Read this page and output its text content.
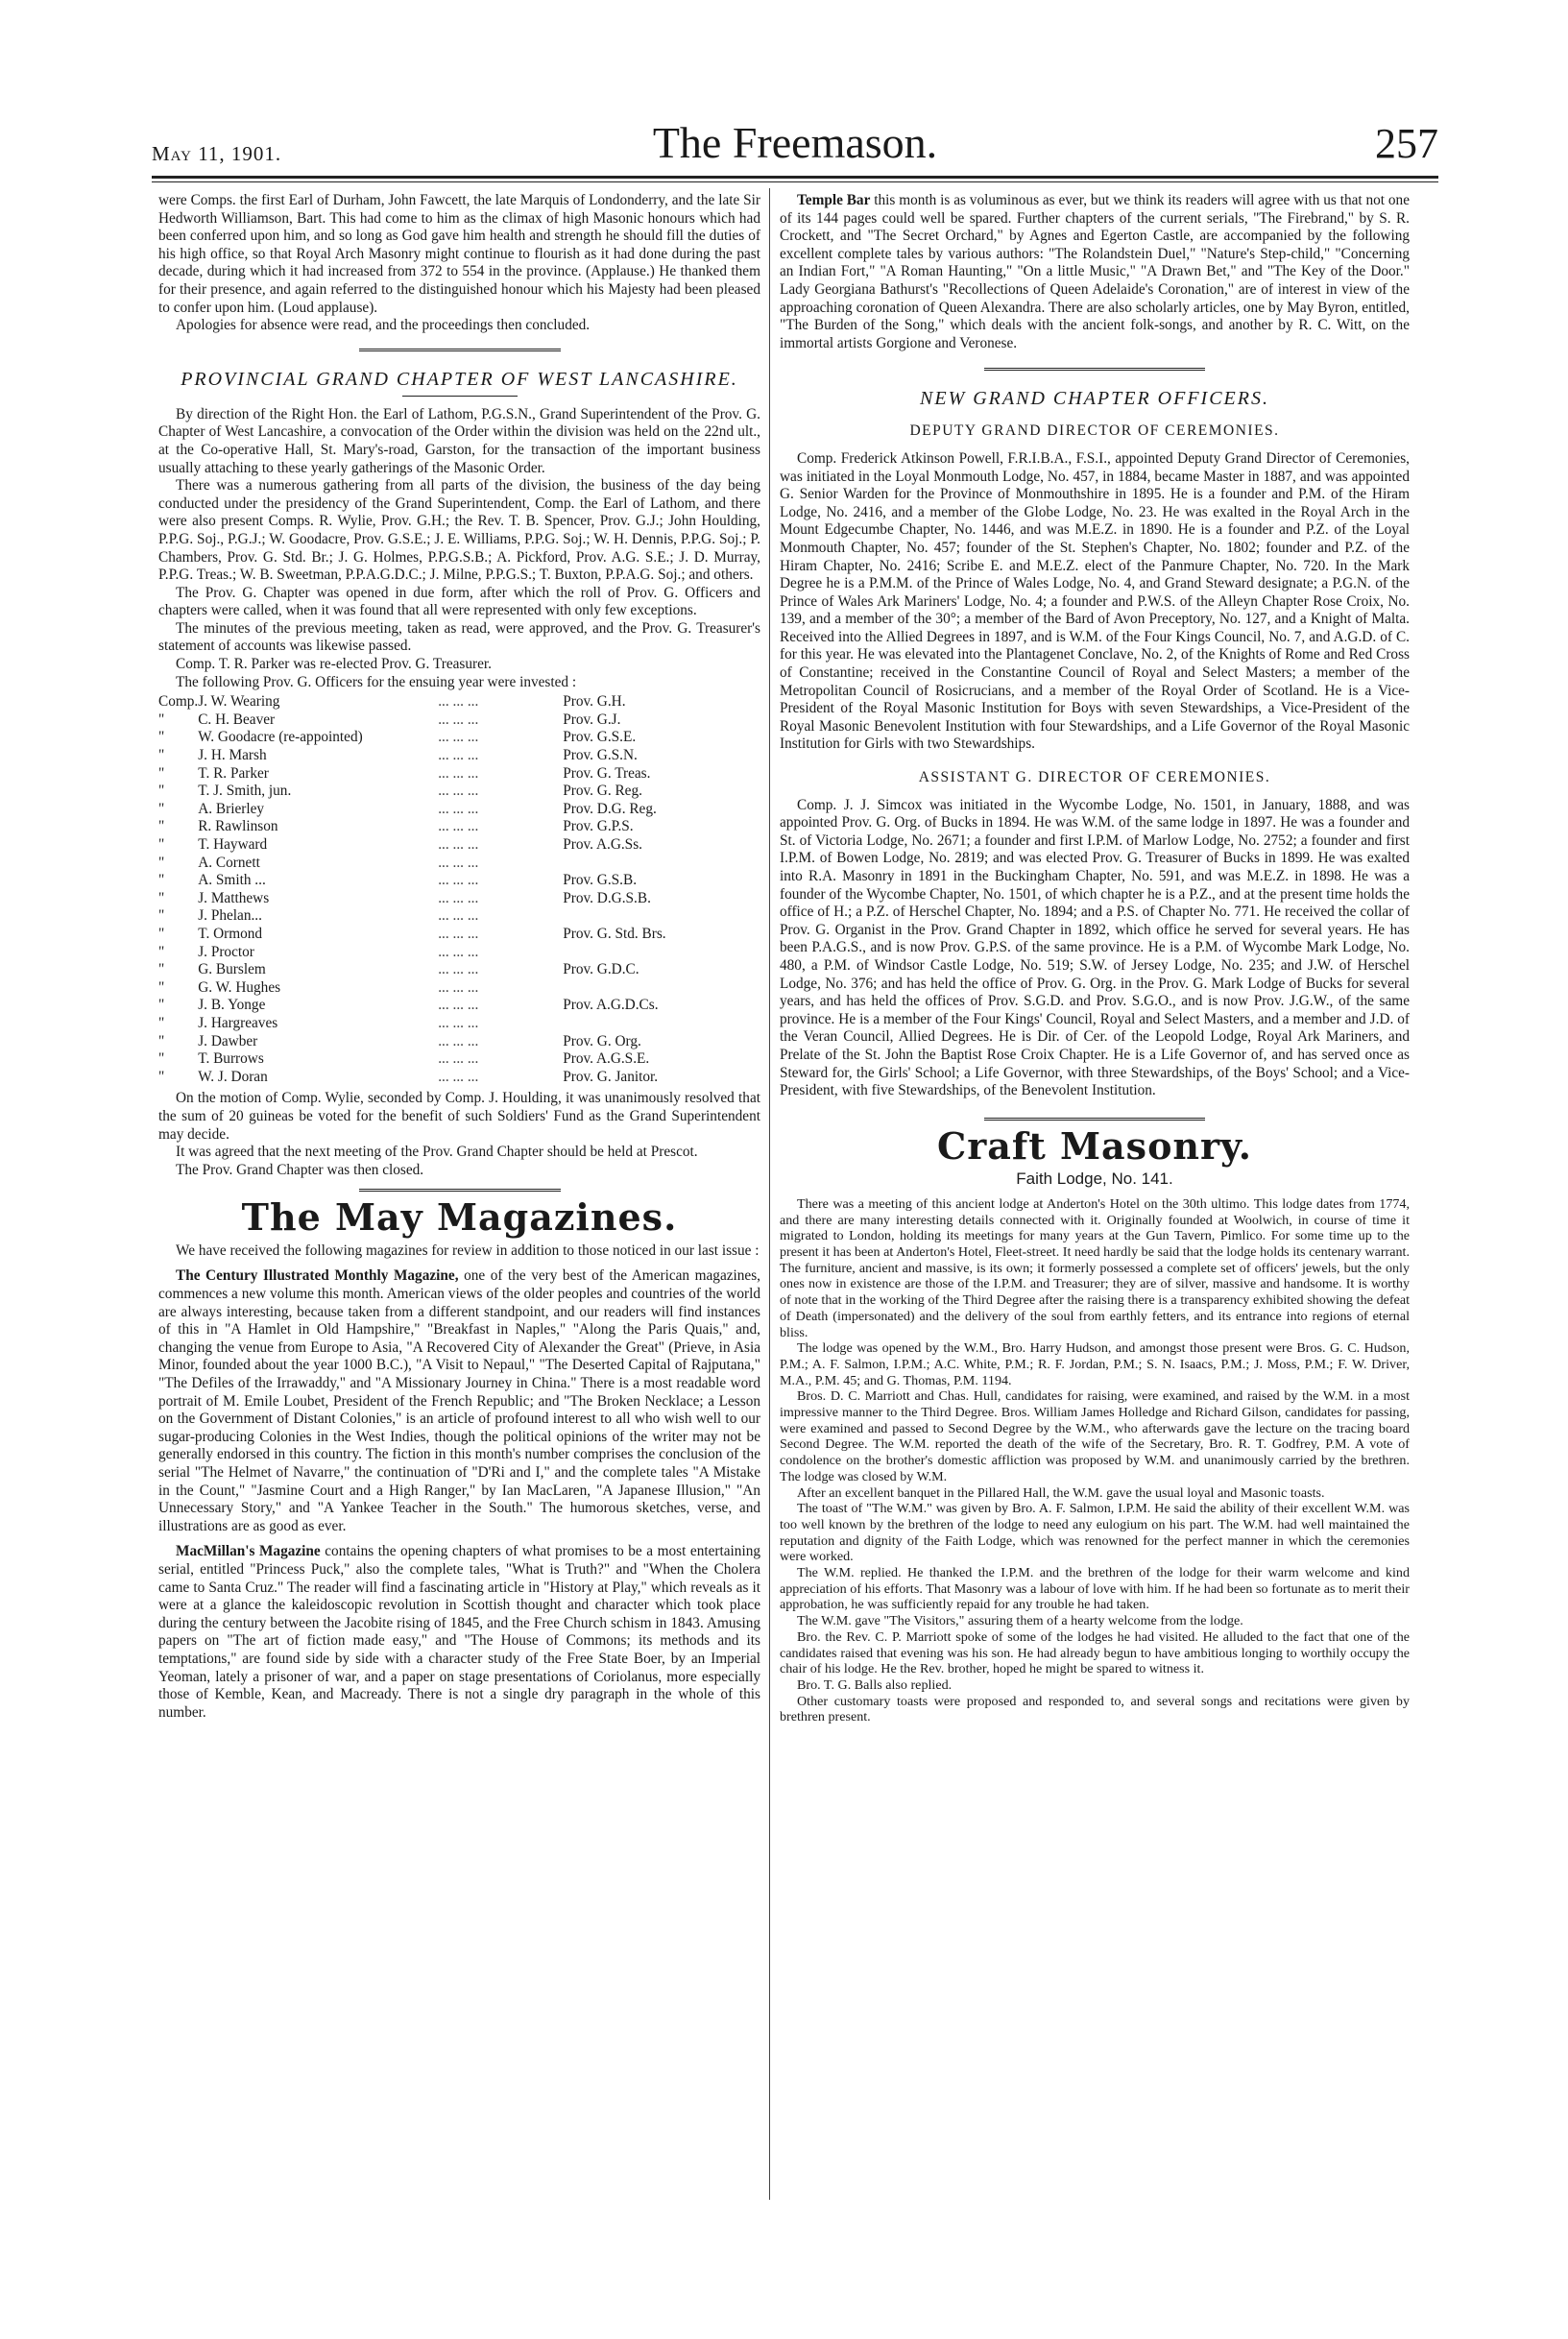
May 11, 1901.	The Freemason.	257

were Comps. the first Earl of Durham, John Fawcett, the late Marquis of Londonderry, and the late Sir Hedworth Williamson, Bart. This had come to him as the climax of high Masonic honours which had been conferred upon him, and so long as God gave him health and strength he should fill the duties of his high office, so that Royal Arch Masonry might continue to flourish as it had done during the past decade, during which it had increased from 372 to 554 in the province. (Applause.) He thanked them for their presence, and again referred to the distinguished honour which his Majesty had been pleased to confer upon him. (Loud applause).

Apologies for absence were read, and the proceedings then concluded.

PROVINCIAL GRAND CHAPTER OF WEST LANCASHIRE.

By direction of the Right Hon. the Earl of Lathom, P.G.S.N., Grand Superintendent of the Prov. G. Chapter of West Lancashire, a convocation of the Order within the division was held on the 22nd ult., at the Co-operative Hall, St. Mary's-road, Garston, for the transaction of the important business usually attaching to these yearly gatherings of the Masonic Order.

There was a numerous gathering from all parts of the division, the business of the day being conducted under the presidency of the Grand Superintendent, Comp. the Earl of Lathom, and there were also present Comps. R. Wylie, Prov. G.H.; the Rev. T. B. Spencer, Prov. G.J.; John Houlding, P.P.G. Soj., P.G.J.; W. Goodacre, Prov. G.S.E.; J. E. Williams, P.P.G. Soj.; W. H. Dennis, P.P.G. Soj.; P. Chambers, Prov. G. Std. Br.; J. G. Holmes, P.P.G.S.B.; A. Pickford, Prov. A.G. S.E.; J. D. Murray, P.P.G. Treas.; W. B. Sweetman, P.P.A.G.D.C.; J. Milne, P.P.G.S.; T. Buxton, P.P.A.G. Soj.; and others.

The Prov. G. Chapter was opened in due form, after which the roll of Prov. G. Officers and chapters were called, when it was found that all were represented with only few exceptions.

The minutes of the previous meeting, taken as read, were approved, and the Prov. G. Treasurer's statement of accounts was likewise passed.

Comp. T. R. Parker was re-elected Prov. G. Treasurer.

The following Prov. G. Officers for the ensuing year were invested :

Comp.	J. W. Wearing	... ... ...	Prov. G.H.
"	C. H. Beaver	... ... ...	Prov. G.J.
"	W. Goodacre (re-appointed)	... ... ...	Prov. G.S.E.
"	J. H. Marsh	... ... ...	Prov. G.S.N.
"	T. R. Parker	... ... ...	Prov. G. Treas.
"	T. J. Smith, jun.	... ... ...	Prov. G. Reg.
"	A. Brierley	... ... ...	Prov. D.G. Reg.
"	R. Rawlinson	... ... ...	Prov. G.P.S.
"	T. Hayward	... ... ...	Prov. A.G.Ss.
"	A. Cornett	... ... ...	
"	A. Smith ...	... ... ...	Prov. G.S.B.
"	J. Matthews	... ... ...	Prov. D.G.S.B.
"	J. Phelan...	... ... ...	
"	T. Ormond	... ... ...	Prov. G. Std. Brs.
"	J. Proctor	... ... ...	
"	G. Burslem	... ... ...	Prov. G.D.C.
"	G. W. Hughes	... ... ...	
"	J. B. Yonge	... ... ...	Prov. A.G.D.Cs.
"	J. Hargreaves	... ... ...	
"	J. Dawber	... ... ...	Prov. G. Org.
"	T. Burrows	... ... ...	Prov. A.G.S.E.
"	W. J. Doran	... ... ...	Prov. G. Janitor.

On the motion of Comp. Wylie, seconded by Comp. J. Houlding, it was unanimously resolved that the sum of 20 guineas be voted for the benefit of such Soldiers' Fund as the Grand Superintendent may decide.

It was agreed that the next meeting of the Prov. Grand Chapter should be held at Prescot.

The Prov. Grand Chapter was then closed.

The May Magazines.

We have received the following magazines for review in addition to those noticed in our last issue :

The Century Illustrated Monthly Magazine, one of the very best of the American magazines, commences a new volume this month. American views of the older peoples and countries of the world are always interesting, because taken from a different standpoint, and our readers will find instances of this in "A Hamlet in Old Hampshire," "Breakfast in Naples," "Along the Paris Quais," and, changing the venue from Europe to Asia, "A Recovered City of Alexander the Great" (Prieve, in Asia Minor, founded about the year 1000 B.C.), "A Visit to Nepaul," "The Deserted Capital of Rajputana," "The Defiles of the Irrawaddy," and "A Missionary Journey in China." There is a most readable word portrait of M. Emile Loubet, President of the French Republic; and "The Broken Necklace; a Lesson on the Government of Distant Colonies," is an article of profound interest to all who wish well to our sugar-producing Colonies in the West Indies, though the political opinions of the writer may not be generally endorsed in this country. The fiction in this month's number comprises the conclusion of the serial "The Helmet of Navarre," the continuation of "D'Ri and I," and the complete tales "A Mistake in the Count," "Jasmine Court and a High Ranger," by Ian MacLaren, "A Japanese Illusion," "An Unnecessary Story," and "A Yankee Teacher in the South." The humorous sketches, verse, and illustrations are as good as ever.

MacMillan's Magazine contains the opening chapters of what promises to be a most entertaining serial, entitled "Princess Puck," also the complete tales, "What is Truth?" and "When the Cholera came to Santa Cruz." The reader will find a fascinating article in "History at Play," which reveals as it were at a glance the kaleidoscopic revolution in Scottish thought and character which took place during the century between the Jacobite rising of 1845, and the Free Church schism in 1843. Amusing papers on "The art of fiction made easy," and "The House of Commons; its methods and its temptations," are found side by side with a character study of the Free State Boer, by an Imperial Yeoman, lately a prisoner of war, and a paper on stage presentations of Coriolanus, more especially those of Kemble, Kean, and Macready. There is not a single dry paragraph in the whole of this number.

Temple Bar this month is as voluminous as ever, but we think its readers will agree with us that not one of its 144 pages could well be spared. Further chapters of the current serials, "The Firebrand," by S. R. Crockett, and "The Secret Orchard," by Agnes and Egerton Castle, are accompanied by the following excellent complete tales by various authors: "The Rolandstein Duel," "Nature's Step-child," "Concerning an Indian Fort," "A Roman Haunting," "On a little Music," "A Drawn Bet," and "The Key of the Door." Lady Georgiana Bathurst's "Recollections of Queen Adelaide's Coronation," are of interest in view of the approaching coronation of Queen Alexandra. There are also scholarly articles, one by May Byron, entitled, "The Burden of the Song," which deals with the ancient folk-songs, and another by R. C. Witt, on the immortal artists Gorgione and Veronese.

NEW GRAND CHAPTER OFFICERS.
DEPUTY GRAND DIRECTOR OF CEREMONIES.

Comp. Frederick Atkinson Powell, F.R.I.B.A., F.S.I., appointed Deputy Grand Director of Ceremonies, was initiated in the Loyal Monmouth Lodge, No. 457, in 1884, became Master in 1887, and was appointed G. Senior Warden for the Province of Monmouthshire in 1895. He is a founder and P.M. of the Hiram Lodge, No. 2416, and a member of the Globe Lodge, No. 23. He was exalted in the Royal Arch in the Mount Edgecumbe Chapter, No. 1446, and was M.E.Z. in 1890. He is a founder and P.Z. of the Loyal Monmouth Chapter, No. 457; founder of the St. Stephen's Chapter, No. 1802; founder and P.Z. of the Hiram Chapter, No. 2416; Scribe E. and M.E.Z. elect of the Panmure Chapter, No. 720. In the Mark Degree he is a P.M.M. of the Prince of Wales Lodge, No. 4, and Grand Steward designate; a P.G.N. of the Prince of Wales Ark Mariners' Lodge, No. 4; a founder and P.W.S. of the Alleyn Chapter Rose Croix, No. 139, and a member of the 30°; a member of the Bard of Avon Preceptory, No. 127, and a Knight of Malta. Received into the Allied Degrees in 1897, and is W.M. of the Four Kings Council, No. 7, and A.G.D. of C. for this year. He was elevated into the Plantagenet Conclave, No. 2, of the Knights of Rome and Red Cross of Constantine; received in the Constantine Council of Royal and Select Masters; a member of the Metropolitan Council of Rosicrucians, and a member of the Royal Order of Scotland. He is a Vice-President of the Royal Masonic Institution for Boys with seven Stewardships, a Vice-President of the Royal Masonic Benevolent Institution with four Stewardships, and a Life Governor of the Royal Masonic Institution for Girls with two Stewardships.

ASSISTANT G. DIRECTOR OF CEREMONIES.

Comp. J. J. Simcox was initiated in the Wycombe Lodge, No. 1501, in January, 1888, and was appointed Prov. G. Org. of Bucks in 1894. He was W.M. of the same lodge in 1897. He was a founder and St. of Victoria Lodge, No. 2671; a founder and first I.P.M. of Marlow Lodge, No. 2752; a founder and first I.P.M. of Bowen Lodge, No. 2819; and was elected Prov. G. Treasurer of Bucks in 1899. He was exalted into R.A. Masonry in 1891 in the Buckingham Chapter, No. 591, and was M.E.Z. in 1898. He was a founder of the Wycombe Chapter, No. 1501, of which chapter he is a P.Z., and at the present time holds the office of H.; a P.Z. of Herschel Chapter, No. 1894; and a P.S. of Chapter No. 771. He received the collar of Prov. G. Organist in the Prov. Grand Chapter in 1892, which office he served for several years. He has been P.A.G.S., and is now Prov. G.P.S. of the same province. He is a P.M. of Wycombe Mark Lodge, No. 480, a P.M. of Windsor Castle Lodge, No. 519; S.W. of Jersey Lodge, No. 235; and J.W. of Herschel Lodge, No. 376; and has held the office of Prov. G. Org. in the Prov. G. Mark Lodge of Bucks for several years, and has held the offices of Prov. S.G.D. and Prov. S.G.O., and is now Prov. J.G.W., of the same province. He is a member of the Four Kings' Council, Royal and Select Masters, and a member and J.D. of the Veran Council, Allied Degrees. He is Dir. of Cer. of the Leopold Lodge, Royal Ark Mariners, and Prelate of the St. John the Baptist Rose Croix Chapter. He is a Life Governor of, and has served once as Steward for, the Girls' School; a Life Governor, with three Stewardships, of the Boys' School; and a Vice-President, with five Stewardships, of the Benevolent Institution.

Craft Masonry.
Faith Lodge, No. 141.

There was a meeting of this ancient lodge at Anderton's Hotel on the 30th ultimo. This lodge dates from 1774, and there are many interesting details connected with it. Originally founded at Woolwich, in course of time it migrated to London, holding its meetings for many years at the Gun Tavern, Pimlico. For some time up to the present it has been at Anderton's Hotel, Fleet-street. It need hardly be said that the lodge holds its centenary warrant. The furniture, ancient and massive, is its own; it formerly possessed a complete set of officers' jewels, but the only ones now in existence are those of the I.P.M. and Treasurer; they are of silver, massive and handsome. It is worthy of note that in the working of the Third Degree after the raising there is a transparency exhibited showing the defeat of Death (impersonated) and the delivery of the soul from earthly fetters, and its entrance into regions of eternal bliss.

The lodge was opened by the W.M., Bro. Harry Hudson, and amongst those present were Bros. G. C. Hudson, P.M.; A. F. Salmon, I.P.M.; A.C. White, P.M.; R. F. Jordan, P.M.; S. N. Isaacs, P.M.; J. Moss, P.M.; F. W. Driver, M.A., P.M. 45; and G. Thomas, P.M. 1194.

Bros. D. C. Marriott and Chas. Hull, candidates for raising, were examined, and raised by the W.M. in a most impressive manner to the Third Degree. Bros. William James Holledge and Richard Gilson, candidates for passing, were examined and passed to Second Degree by the W.M., who afterwards gave the lecture on the tracing board Second Degree. The W.M. reported the death of the wife of the Secretary, Bro. R. T. Godfrey, P.M. A vote of condolence on the brother's domestic affliction was proposed by W.M. and unanimously carried by the brethren. The lodge was closed by W.M.

After an excellent banquet in the Pillared Hall, the W.M. gave the usual loyal and Masonic toasts.

The toast of "The W.M." was given by Bro. A. F. Salmon, I.P.M. He said the ability of their excellent W.M. was too well known by the brethren of the lodge to need any eulogium on his part. The W.M. had well maintained the reputation and dignity of the Faith Lodge, which was renowned for the perfect manner in which the ceremonies were worked.

The W.M. replied. He thanked the I.P.M. and the brethren of the lodge for their warm welcome and kind appreciation of his efforts. That Masonry was a labour of love with him. If he had been so fortunate as to merit their approbation, he was sufficiently repaid for any trouble he had taken.

The W.M. gave "The Visitors," assuring them of a hearty welcome from the lodge.

Bro. the Rev. C. P. Marriott spoke of some of the lodges he had visited. He alluded to the fact that one of the candidates raised that evening was his son. He had already begun to have ambitious longing to worthily occupy the chair of his lodge. He the Rev. brother, hoped he might be spared to witness it.

Bro. T. G. Balls also replied.

Other customary toasts were proposed and responded to, and several songs and recitations were given by brethren present.
